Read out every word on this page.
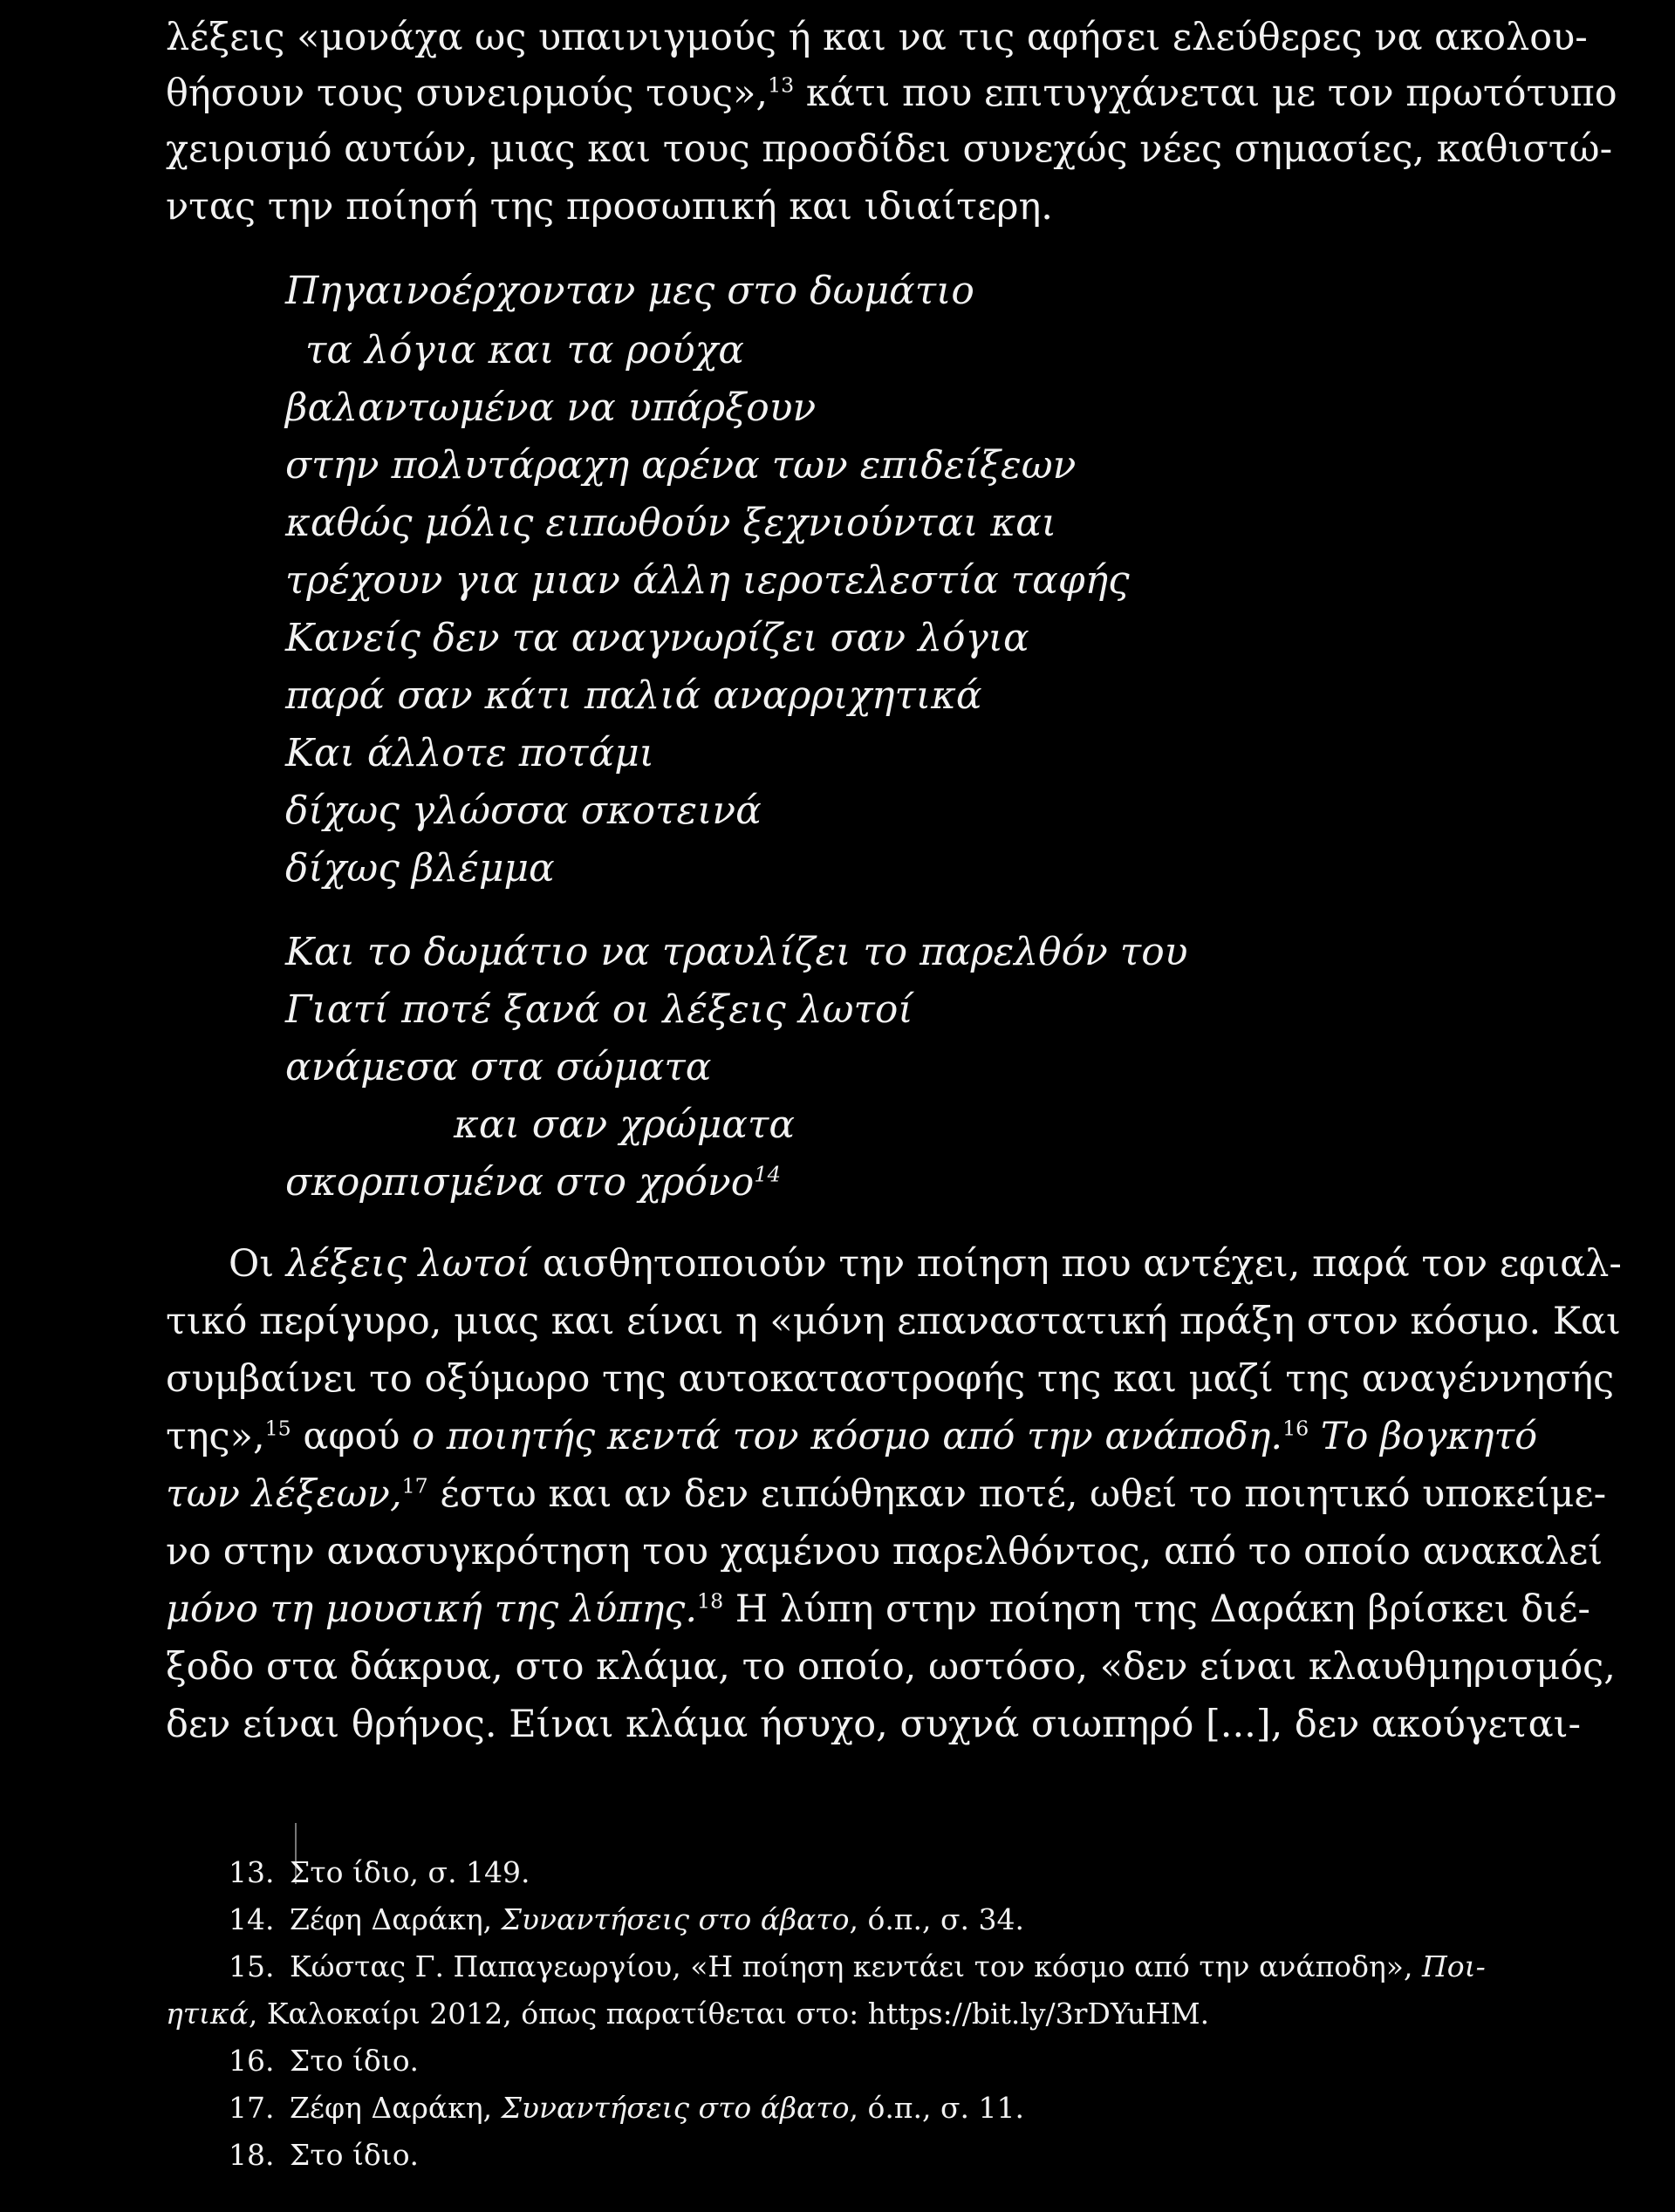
λέξεις «μονάχα ως υπαινιγμούς ή και να τις αφήσει ελεύθερες να ακολου-
θήσουν τους συνειρμούς τους»,$^{13}$ κάτι που επιτυγχάνεται με τον πρωτότυπο
χειρισμό αυτών, μιας και τους προσδίδει συνεχώς νέες σημασίες, καθιστώ-
ντας την ποίησή της προσωπική και ιδιαίτερη.
Πηγαινοέρχονταν μες στο δωμάτιο
τα λόγια και τα ρούχα
βαλαντωμένα να υπάρξουν
στην πολυτάραχη αρένα των επιδείξεων
καθώς μόλις ειπωθούν ξεχνιούνται και
τρέχουν για μιαν άλλη ιεροτελεστία ταφής
Κανείς δεν τα αναγνωρίζει σαν λόγια
παρά σαν κάτι παλιά αναρριχητικά
Και άλλοτε ποτάμι
δίχως γλώσσα σκοτεινά
δίχως βλέμμα
Και το δωμάτιο να τραυλίζει το παρελθόν του
Γιατί ποτέ ξανά οι λέξεις λωτοί
ανάμεσα στα σώματα
και σαν χρώματα
σκορπισμένα στο χρόνο$^{14}$
Οι λέξεις λωτοί αισθητοποιούν την ποίηση που αντέχει, παρά τον εφιαλ-
τικό περίγυρο, μιας και είναι η «μόνη επαναστατική πράξη στον κόσμο. Και
συμβαίνει το οξύμωρο της αυτοκαταστροφής της και μαζί της αναγέννησής
της»,$^{15}$ αφού ο ποιητής κεντά τον κόσμο από την ανάποδη.$^{16}$ Το βογκητό
των λέξεων,$^{17}$ έστω και αν δεν ειπώθηκαν ποτέ, ωθεί το ποιητικό υποκείμε-
νο στην ανασυγκρότηση του χαμένου παρελθόντος, από το οποίο ανακαλεί
μόνο τη μουσική της λύπης.$^{18}$ Η λύπη στην ποίηση της Δαράκη βρίσκει διέ-
ξοδο στα δάκρυα, στο κλάμα, το οποίο, ωστόσο, «δεν είναι κλαυθμηρισμός,
δεν είναι θρήνος. Είναι κλάμα ήσυχο, συχνά σιωπηρό [...], δεν ακούγεται-
13. Στο ίδιο, σ. 149.
14. Ζέφη Δαράκη, Συναντήσεις στο άβατο, ό.π., σ. 34.
15. Κώστας Γ. Παπαγεωργίου, «Η ποίηση κεντάει τον κόσμο από την ανάποδη», Ποι-
ητικά, Καλοκαίρι 2012, όπως παρατίθεται στο: https://bit.ly/3rDYuHM.
16. Στο ίδιο.
17. Ζέφη Δαράκη, Συναντήσεις στο άβατο, ό.π., σ. 11.
18. Στο ίδιο.
